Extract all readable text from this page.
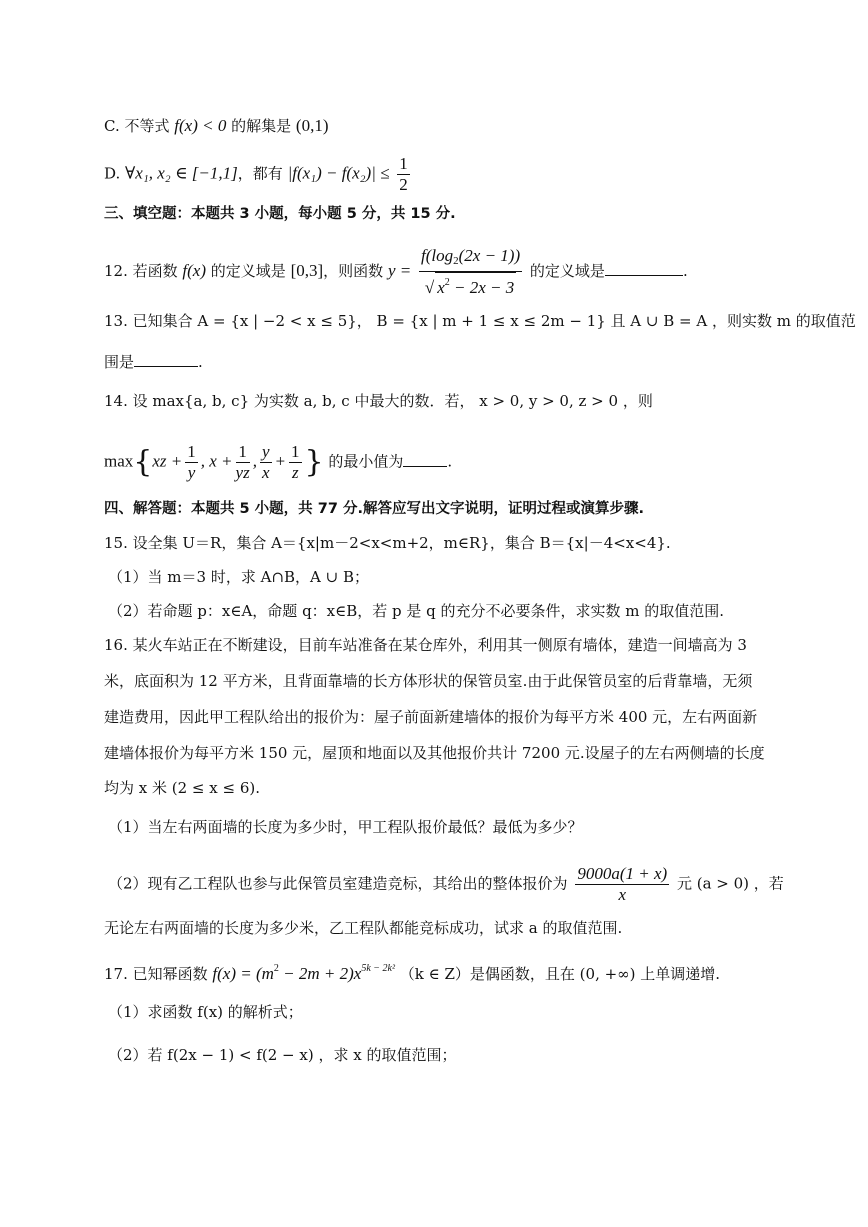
C. 不等式 f(x) < 0 的解集是 (0,1)
D. ∀x₁, x₂ ∈ [−1,1]，都有 $|f(x_1) - f(x_2)| \le \frac{1}{2}$
三、填空题：本题共 3 小题，每小题 5 分，共 15 分.
12. 若函数 f(x) 的定义域是 [0,3]，则函数 $y = \frac{f(\log_2(2x - 1))}{√ x^2 - 2x - 3}$ 的定义域是	.
13. 已知集合 A = {x | −2 < x ≤ 5}， B = {x | m + 1 ≤ x ≤ 2m − 1} 且 A ∪ B = A ，则实数 m 的取值范
围是	.
14. 设 max{a, b, c} 为实数 a, b, c 中最大的数．若， x > 0, y > 0, z > 0 ，则
$\max\{xz + \frac{1}{y}$ , $x + \frac{1}{yz}$ , $\frac{y}{x} + \frac{1}{z}$ } 的最小值为	.
四、解答题：本题共 5 小题，共 77 分.解答应写出文字说明，证明过程或演算步骤.
15. 设全集 U＝R，集合 A＝{x|m－2<x<m+2，m∈R}，集合 B＝{x|－4<x<4}.
（1）当 m＝3 时，求 A∩B，A ∪ B；
（2）若命题 p：x∈A，命题 q：x∈B，若 p 是 q 的充分不必要条件，求实数 m 的取值范围.
16. 某火车站正在不断建设，目前车站准备在某仓库外，利用其一侧原有墙体，建造一间墙高为 3
米，底面积为 12 平方米，且背面靠墙的长方体形状的保管员室.由于此保管员室的后背靠墙，无须
建造费用，因此甲工程队给出的报价为：屋子前面新建墙体的报价为每平方米 400 元，左右两面新
建墙体报价为每平方米 150 元，屋顶和地面以及其他报价共计 7200 元.设屋子的左右两侧墙的长度
均为 x 米 (2 ≤ x ≤ 6).
（1）当左右两面墙的长度为多少时，甲工程队报价最低？最低为多少？
（2）现有乙工程队也参与此保管员室建造竞标，其给出的整体报价为 $\frac{9000a(1 + x)}{x}$ 元 (a > 0) ，若
无论左右两面墙的长度为多少米，乙工程队都能竞标成功，试求 a 的取值范围.
17. 已知幂函数 $f(x) = (m^2 - 2m + 2)x^{5k - 2k^2}$ （k ∈ Z）是偶函数，且在 (0, +∞) 上单调递增.
（1）求函数 f(x) 的解析式；
（2）若 f(2x − 1) < f(2 − x) ，求 x 的取值范围；
